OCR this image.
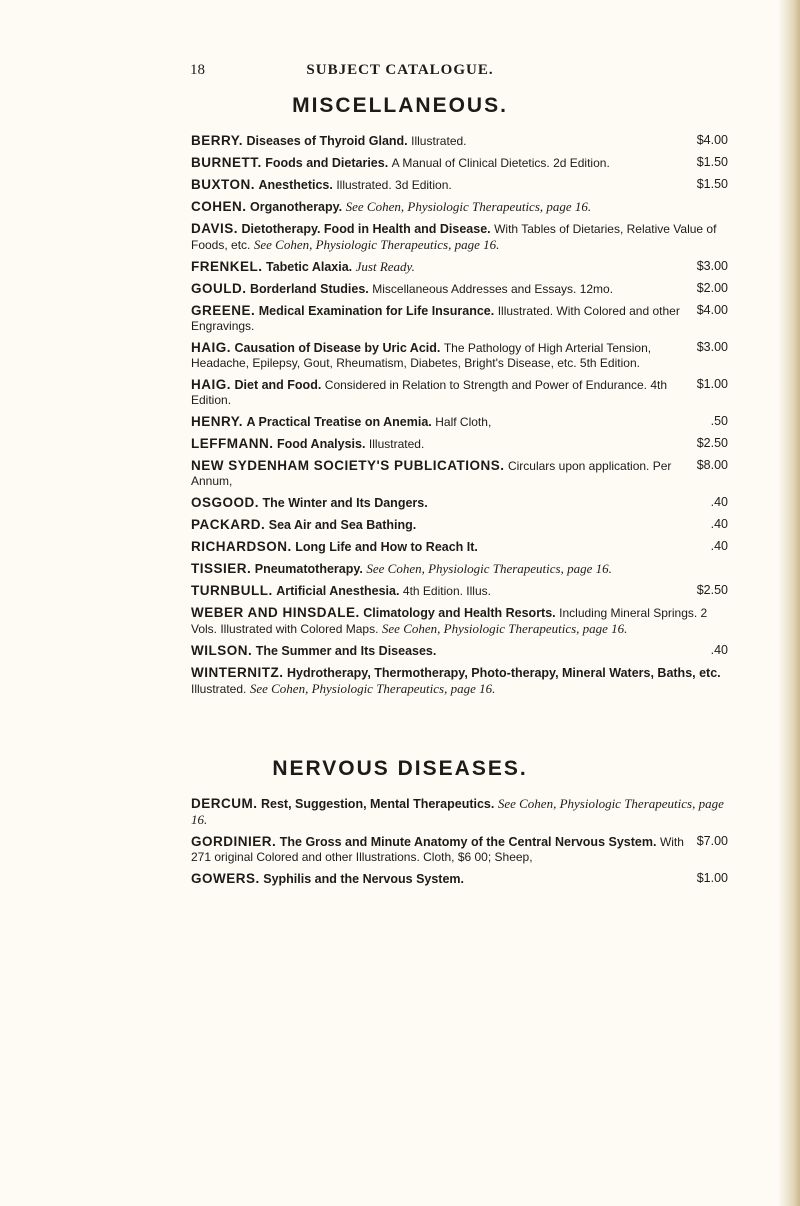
18	SUBJECT CATALOGUE.
MISCELLANEOUS.
$4.00
BERRY. Diseases of Thyroid Gland. Illustrated.
$1.50
BURNETT. Foods and Dietaries. A Manual of Clinical Dietetics. 2d Edition.
$1.50
BUXTON. Anesthetics. Illustrated. 3d Edition.
COHEN. Organotherapy. See Cohen, Physiologic Therapeutics, page 16.
DAVIS. Dietotherapy. Food in Health and Disease. With Tables of Dietaries, Relative Value of Foods, etc. See Cohen, Physiologic Therapeutics, page 16.
$3.00
FRENKEL. Tabetic Alaxia. Just Ready.
$2.00
GOULD. Borderland Studies. Miscellaneous Addresses and Essays. 12mo.
$4.00
GREENE. Medical Examination for Life Insurance. Illustrated. With Colored and other Engravings.
$3.00
HAIG. Causation of Disease by Uric Acid. The Pathology of High Arterial Tension, Headache, Epilepsy, Gout, Rheumatism, Diabetes, Bright's Disease, etc. 5th Edition.
$1.00
HAIG. Diet and Food. Considered in Relation to Strength and Power of Endurance. 4th Edition.
.50
HENRY. A Practical Treatise on Anemia. Half Cloth,
$2.50
LEFFMANN. Food Analysis. Illustrated.
$8.00
NEW SYDENHAM SOCIETY'S PUBLICATIONS. Circulars upon application. Per Annum,
.40
OSGOOD. The Winter and Its Dangers.
.40
PACKARD. Sea Air and Sea Bathing.
.40
RICHARDSON. Long Life and How to Reach It.
TISSIER. Pneumatotherapy. See Cohen, Physiologic Therapeutics, page 16.
$2.50
TURNBULL. Artificial Anesthesia. 4th Edition. Illus.
WEBER AND HINSDALE. Climatology and Health Resorts. Including Mineral Springs. 2 Vols. Illustrated with Colored Maps. See Cohen, Physiologic Therapeutics, page 16.
.40
WILSON. The Summer and Its Diseases.
WINTERNITZ. Hydrotherapy, Thermotherapy, Photo-therapy, Mineral Waters, Baths, etc. Illustrated. See Cohen, Physiologic Therapeutics, page 16.
NERVOUS DISEASES.
DERCUM. Rest, Suggestion, Mental Therapeutics. See Cohen, Physiologic Therapeutics, page 16.
$7.00
GORDINIER. The Gross and Minute Anatomy of the Central Nervous System. With 271 original Colored and other Illustrations. Cloth, $6 00; Sheep,
$1.00
GOWERS. Syphilis and the Nervous System.
